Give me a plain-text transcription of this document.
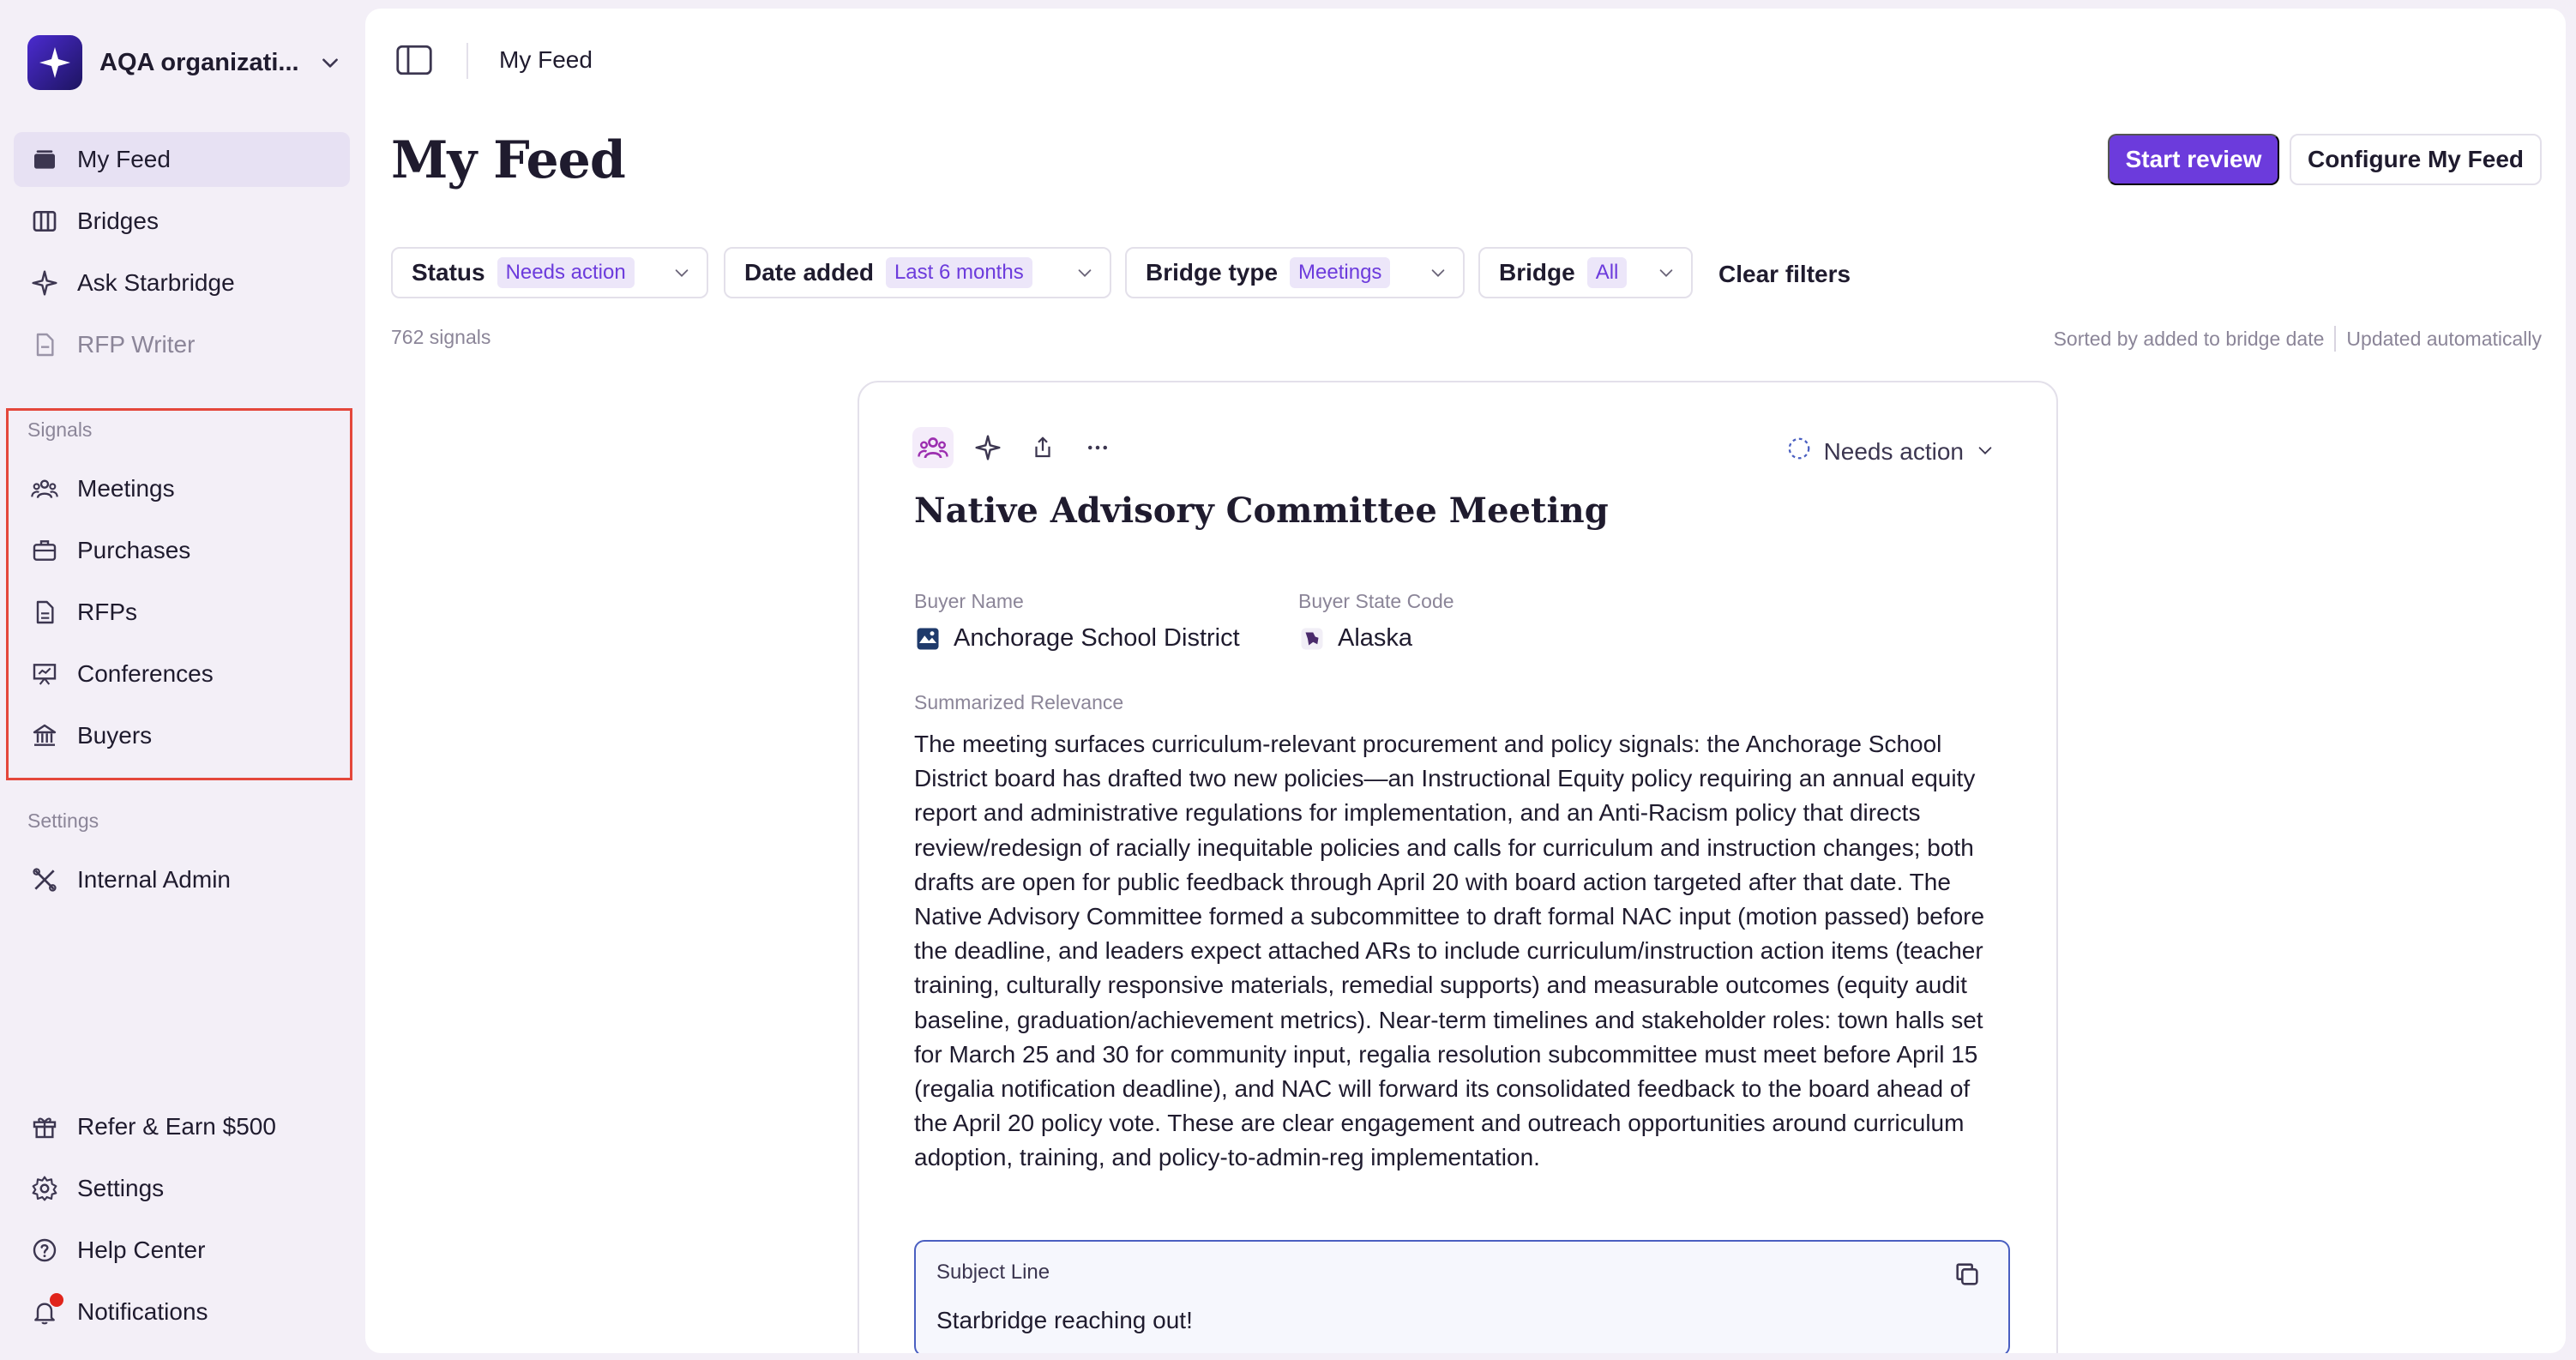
AQA organizati...
My Feed
Bridges
Ask Starbridge
RFP Writer
Signals
Meetings
Purchases
RFPs
Conferences
Buyers
Settings
Internal Admin
Refer & Earn $500
Settings
Help Center
Notifications
My Feed
My Feed	Start review	Configure My Feed
Status	Needs action	Date added	Last 6 months	Bridge type	Meetings	Bridge	All	Clear filters
762 signals	Sorted by added to bridge date Updated automatically
Needs action
Native Advisory Committee Meeting
Buyer Name
Anchorage School District
Buyer State Code
Alaska
Summarized Relevance

The meeting surfaces curriculum-relevant procurement and policy signals: the Anchorage School District board has drafted two new policies—an Instructional Equity policy requiring an annual equity report and administrative regulations for implementation, and an Anti-Racism policy that directs review/redesign of racially inequitable policies and calls for curriculum and instruction changes; both drafts are open for public feedback through April 20 with board action targeted after that date. The Native Advisory Committee formed a subcommittee to draft formal NAC input (motion passed) before the deadline, and leaders expect attached ARs to include curriculum/instruction action items (teacher training, culturally responsive materials, remedial supports) and measurable outcomes (equity audit baseline, graduation/achievement metrics). Near-term timelines and stakeholder roles: town halls set for March 25 and 30 for community input, regalia resolution subcommittee must meet before April 15 (regalia notification deadline), and NAC will forward its consolidated feedback to the board ahead of the April 20 policy vote. These are clear engagement and outreach opportunities around curriculum adoption, training, and policy-to-admin-reg implementation.

Subject Line
Starbridge reaching out!
